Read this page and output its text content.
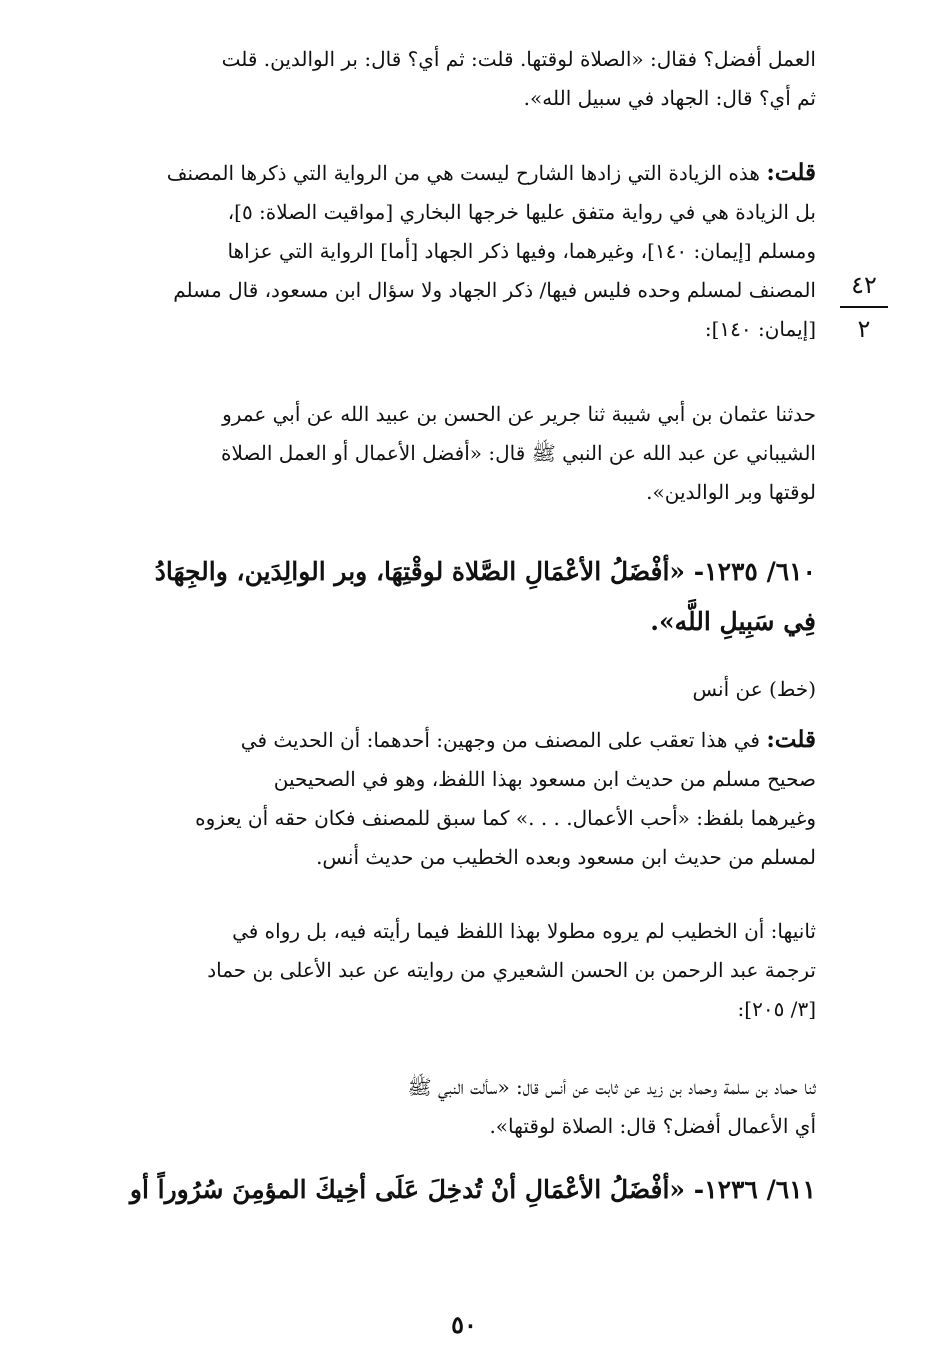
العمل أفضل؟ فقال: «الصلاة لوقتها. قلت: ثم أي؟ قال: بر الوالدين. قلت
ثم أي؟ قال: الجهاد في سبيل الله».
قلت: هذه الزيادة التي زادها الشارح ليست هي من الرواية التي ذكرها المصنف
بل الزيادة هي في رواية متفق عليها خرجها البخاري [مواقيت الصلاة: ٥]،
ومسلم [إيمان: ١٤٠]، وغيرهما، وفيها ذكر الجهاد [أما] الرواية التي عزاها
المصنف لمسلم وحده فليس فيها/ ذكر الجهاد ولا سؤال ابن مسعود، قال مسلم
[إيمان: ١٤٠]:
٤٢
٢
حدثنا عثمان بن أبي شيبة ثنا جرير عن الحسن بن عبيد الله عن أبي عمرو
الشيباني عن عبد الله عن النبي ﷺ قال: «أفضل الأعمال أو العمل الصلاة
لوقتها وبر الوالدين».
٦١٠/ ١٢٣٥- «أفْضَلُ الأعْمَالِ الصَّلاة لوقْتِهَا، وبر الوالِدَين، والجِهَادُ
فِي سَبِيلِ اللَّه».
(خط) عن أنس
قلت: في هذا تعقب على المصنف من وجهين: أحدهما: أن الحديث في
صحيح مسلم من حديث ابن مسعود بهذا اللفظ، وهو في الصحيحين
وغيرهما بلفظ: «أحب الأعمال. . . .» كما سبق للمصنف فكان حقه أن يعزوه
لمسلم من حديث ابن مسعود وبعده الخطيب من حديث أنس.
ثانيها: أن الخطيب لم يروه مطولا بهذا اللفظ فيما رأيته فيه، بل رواه في
ترجمة عبد الرحمن بن الحسن الشعيري من روايته عن عبد الأعلى بن حماد
[٣/ ٢٠٥]:
ثنا حماد بن سلمة وحماد بن زيد عن ثابت عن أنس قال: «سألت النبي ﷺ
أي الأعمال أفضل؟ قال: الصلاة لوقتها».
٦١١/ ١٢٣٦- «أفْضَلُ الأعْمَالِ أنْ تُدخِلَ عَلَى أخِيكَ المؤمِنَ سُرُوراً أو
٥٠
